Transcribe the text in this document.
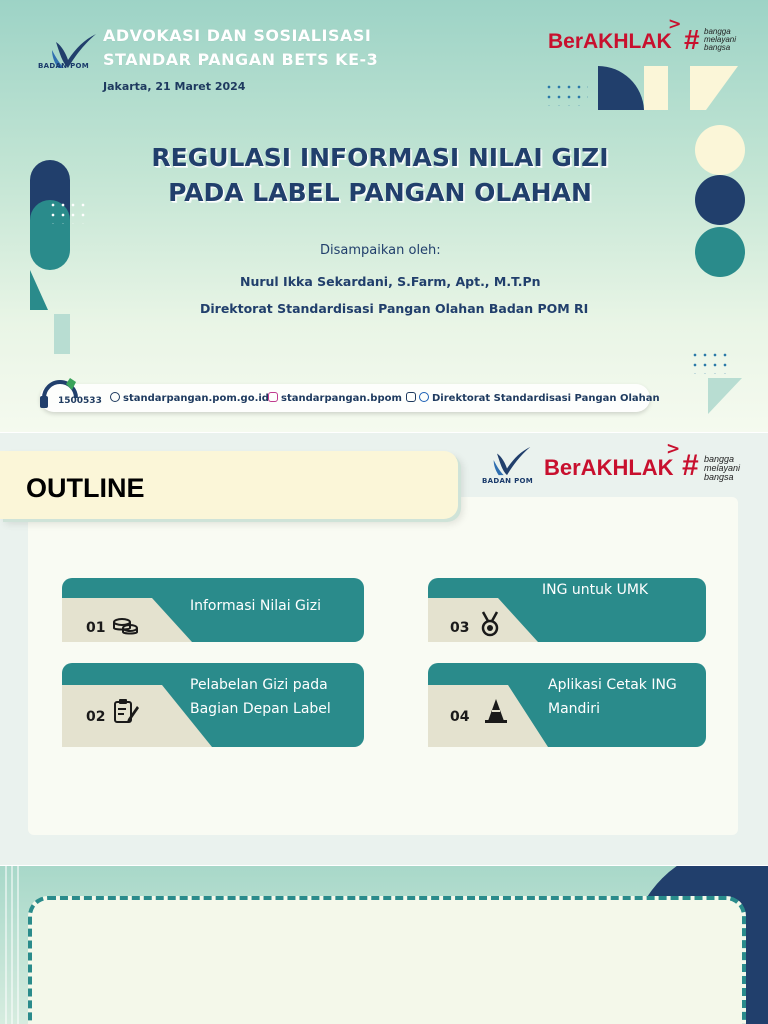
BADAN POM
ADVOKASI DAN SOSIALISASI
STANDAR PANGAN BETS KE-3
Jakarta, 21 Maret 2024
BerAKHLAK
>
# bangga
melayani
bangsa
REGULASI INFORMASI NILAI GIZI
PADA LABEL PANGAN OLAHAN
Disampaikan oleh:
Nurul Ikka Sekardani, S.Farm, Apt., M.T.Pn
Direktorat Standardisasi Pangan Olahan Badan POM RI
standarpangan.pom.go.id	standarpangan.bpom	Direktorat Standardisasi Pangan Olahan
1500533
OUTLINE	BADAN POM
BerAKHLAK
> # bangga
melayani
bangsa
01
Informasi Nilai Gizi
02
Pelabelan Gizi pada Bagian Depan Label
03
ING untuk UMK
04
Aplikasi Cetak ING Mandiri
